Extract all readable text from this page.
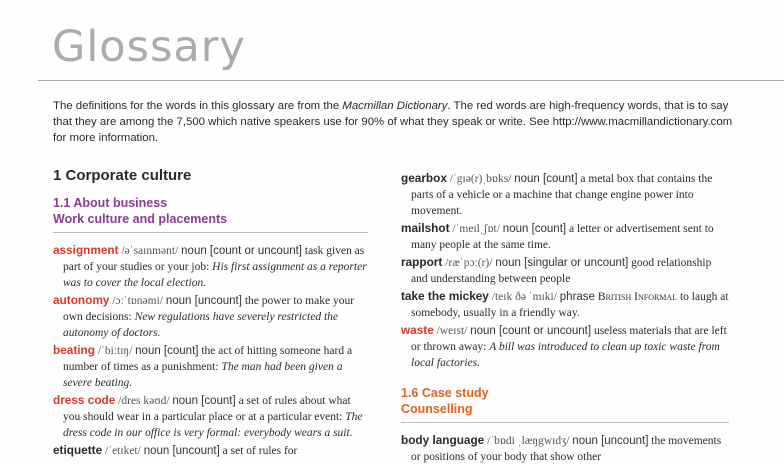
Glossary

The definitions for the words in this glossary are from the Macmillan Dictionary. The red words are high-frequency words, that is to say that they are among the 7,500 which native speakers use for 90% of what they speak or write. See http://www.macmillandictionary.com for more information.

1 Corporate culture
1.1 About business
Work culture and placements

assignment /əˈsaɪnmənt/ noun [count or uncount] task given as part of your studies or your job: His first assignment as a reporter was to cover the local election.

autonomy /ɔːˈtɒnəmi/ noun [uncount] the power to make your own decisions: New regulations have severely restricted the autonomy of doctors.

beating /ˈbiːtɪŋ/ noun [count] the act of hitting someone hard a number of times as a punishment: The man had been given a severe beating.

dress code /dres kəʊd/ noun [count] a set of rules about what you should wear in a particular place or at a particular event: The dress code in our office is very formal: everybody wears a suit.

etiquette /ˈetɪket/ noun [uncount] a set of rules for

gearbox /ˈgɪə(r)ˌbɒks/ noun [count] a metal box that contains the parts of a vehicle or a machine that change engine power into movement.

mailshot /ˈmeɪlˌʃɒt/ noun [count] a letter or advertisement sent to many people at the same time.

rapport /ræˈpɔː(r)/ noun [singular or uncount] good relationship and understanding between people

take the mickey /teɪk ðə ˈmɪki/ phrase British Informal to laugh at somebody, usually in a friendly way.

waste /weɪst/ noun [count or uncount] useless materials that are left or thrown away: A bill was introduced to clean up toxic waste from local factories.

1.6 Case study
Counselling

body language /ˈbɒdi ˌlæŋgwɪdʒ/ noun [uncount] the movements or positions of your body that show other
